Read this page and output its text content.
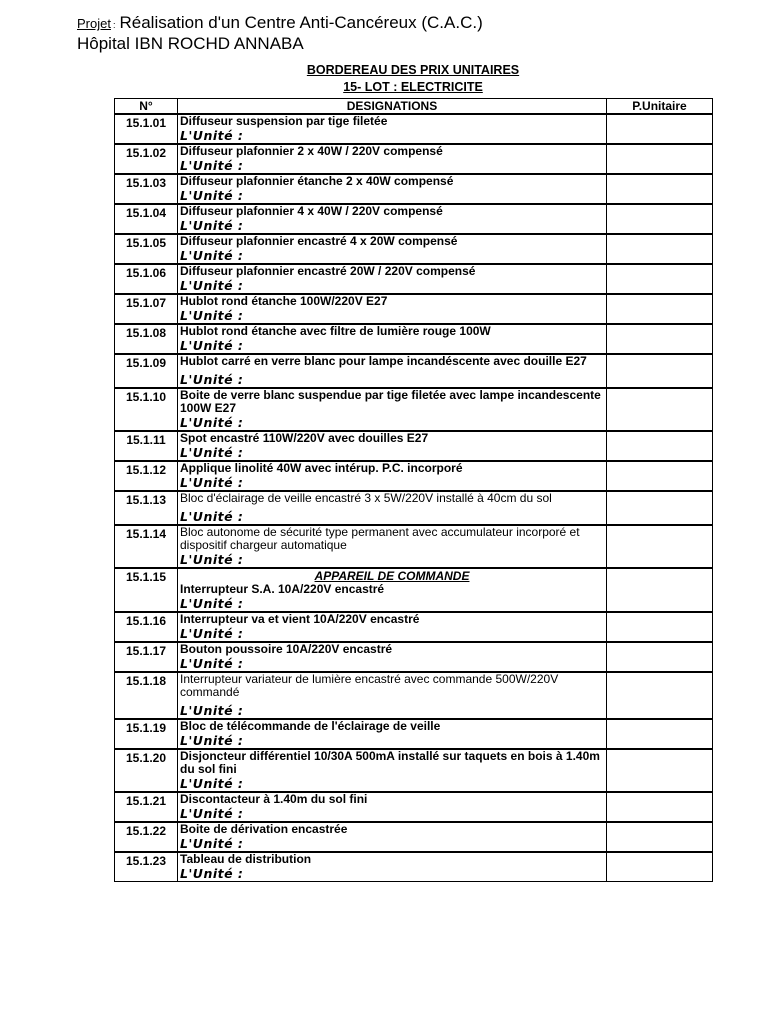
Projet : Réalisation d'un Centre Anti-Cancéreux (C.A.C.)
Hôpital IBN ROCHD ANNABA
BORDEREAU DES PRIX UNITAIRES
15- LOT : ELECTRICITE
N°	DESIGNATIONS	P.Unitaire
15.1.01	Diffuseur suspension par tige filetée
L'Unité :	

15.1.02	Diffuseur plafonnier 2 x 40W / 220V compensé
L'Unité :	

15.1.03	Diffuseur plafonnier étanche 2 x 40W compensé
L'Unité :	

15.1.04	Diffuseur plafonnier 4 x 40W / 220V compensé
L'Unité :	

15.1.05	Diffuseur plafonnier encastré 4 x 20W compensé
L'Unité :	

15.1.06	Diffuseur plafonnier encastré 20W / 220V compensé
L'Unité :	

15.1.07	Hublot rond étanche 100W/220V E27
L'Unité :	

15.1.08	Hublot rond étanche avec filtre de lumière rouge 100W
L'Unité :	

15.1.09	Hublot carré en verre blanc pour lampe incandéscente avec douille E27
L'Unité :	

15.1.10	Boite de verre blanc suspendue par tige filetée avec lampe incandescente 100W E27
L'Unité :	

15.1.11	Spot encastré 110W/220V avec douilles E27
L'Unité :	

15.1.12	Applique linolité 40W avec intérup. P.C. incorporé
L'Unité :	

15.1.13	Bloc d'éclairage de veille encastré 3 x 5W/220V installé à 40cm du sol
L'Unité :	

15.1.14	Bloc autonome de sécurité type permanent avec accumulateur incorporé et dispositif chargeur automatique
L'Unité :	

15.1.15	APPAREIL DE COMMANDE
Interrupteur S.A. 10A/220V encastré
L'Unité :	

15.1.16	Interrupteur va et vient 10A/220V encastré
L'Unité :	

15.1.17	Bouton poussoire 10A/220V encastré
L'Unité :	

15.1.18	Interrupteur variateur de lumière encastré avec commande 500W/220V commandé
L'Unité :	

15.1.19	Bloc de télécommande de l'éclairage de veille
L'Unité :	

15.1.20	Disjoncteur différentiel 10/30A 500mA installé sur taquets en bois à 1.40m du sol fini
L'Unité :	

15.1.21	Discontacteur à 1.40m du sol fini
L'Unité :	

15.1.22	Boite de dérivation encastrée
L'Unité :	

15.1.23	Tableau de distribution
L'Unité :	
